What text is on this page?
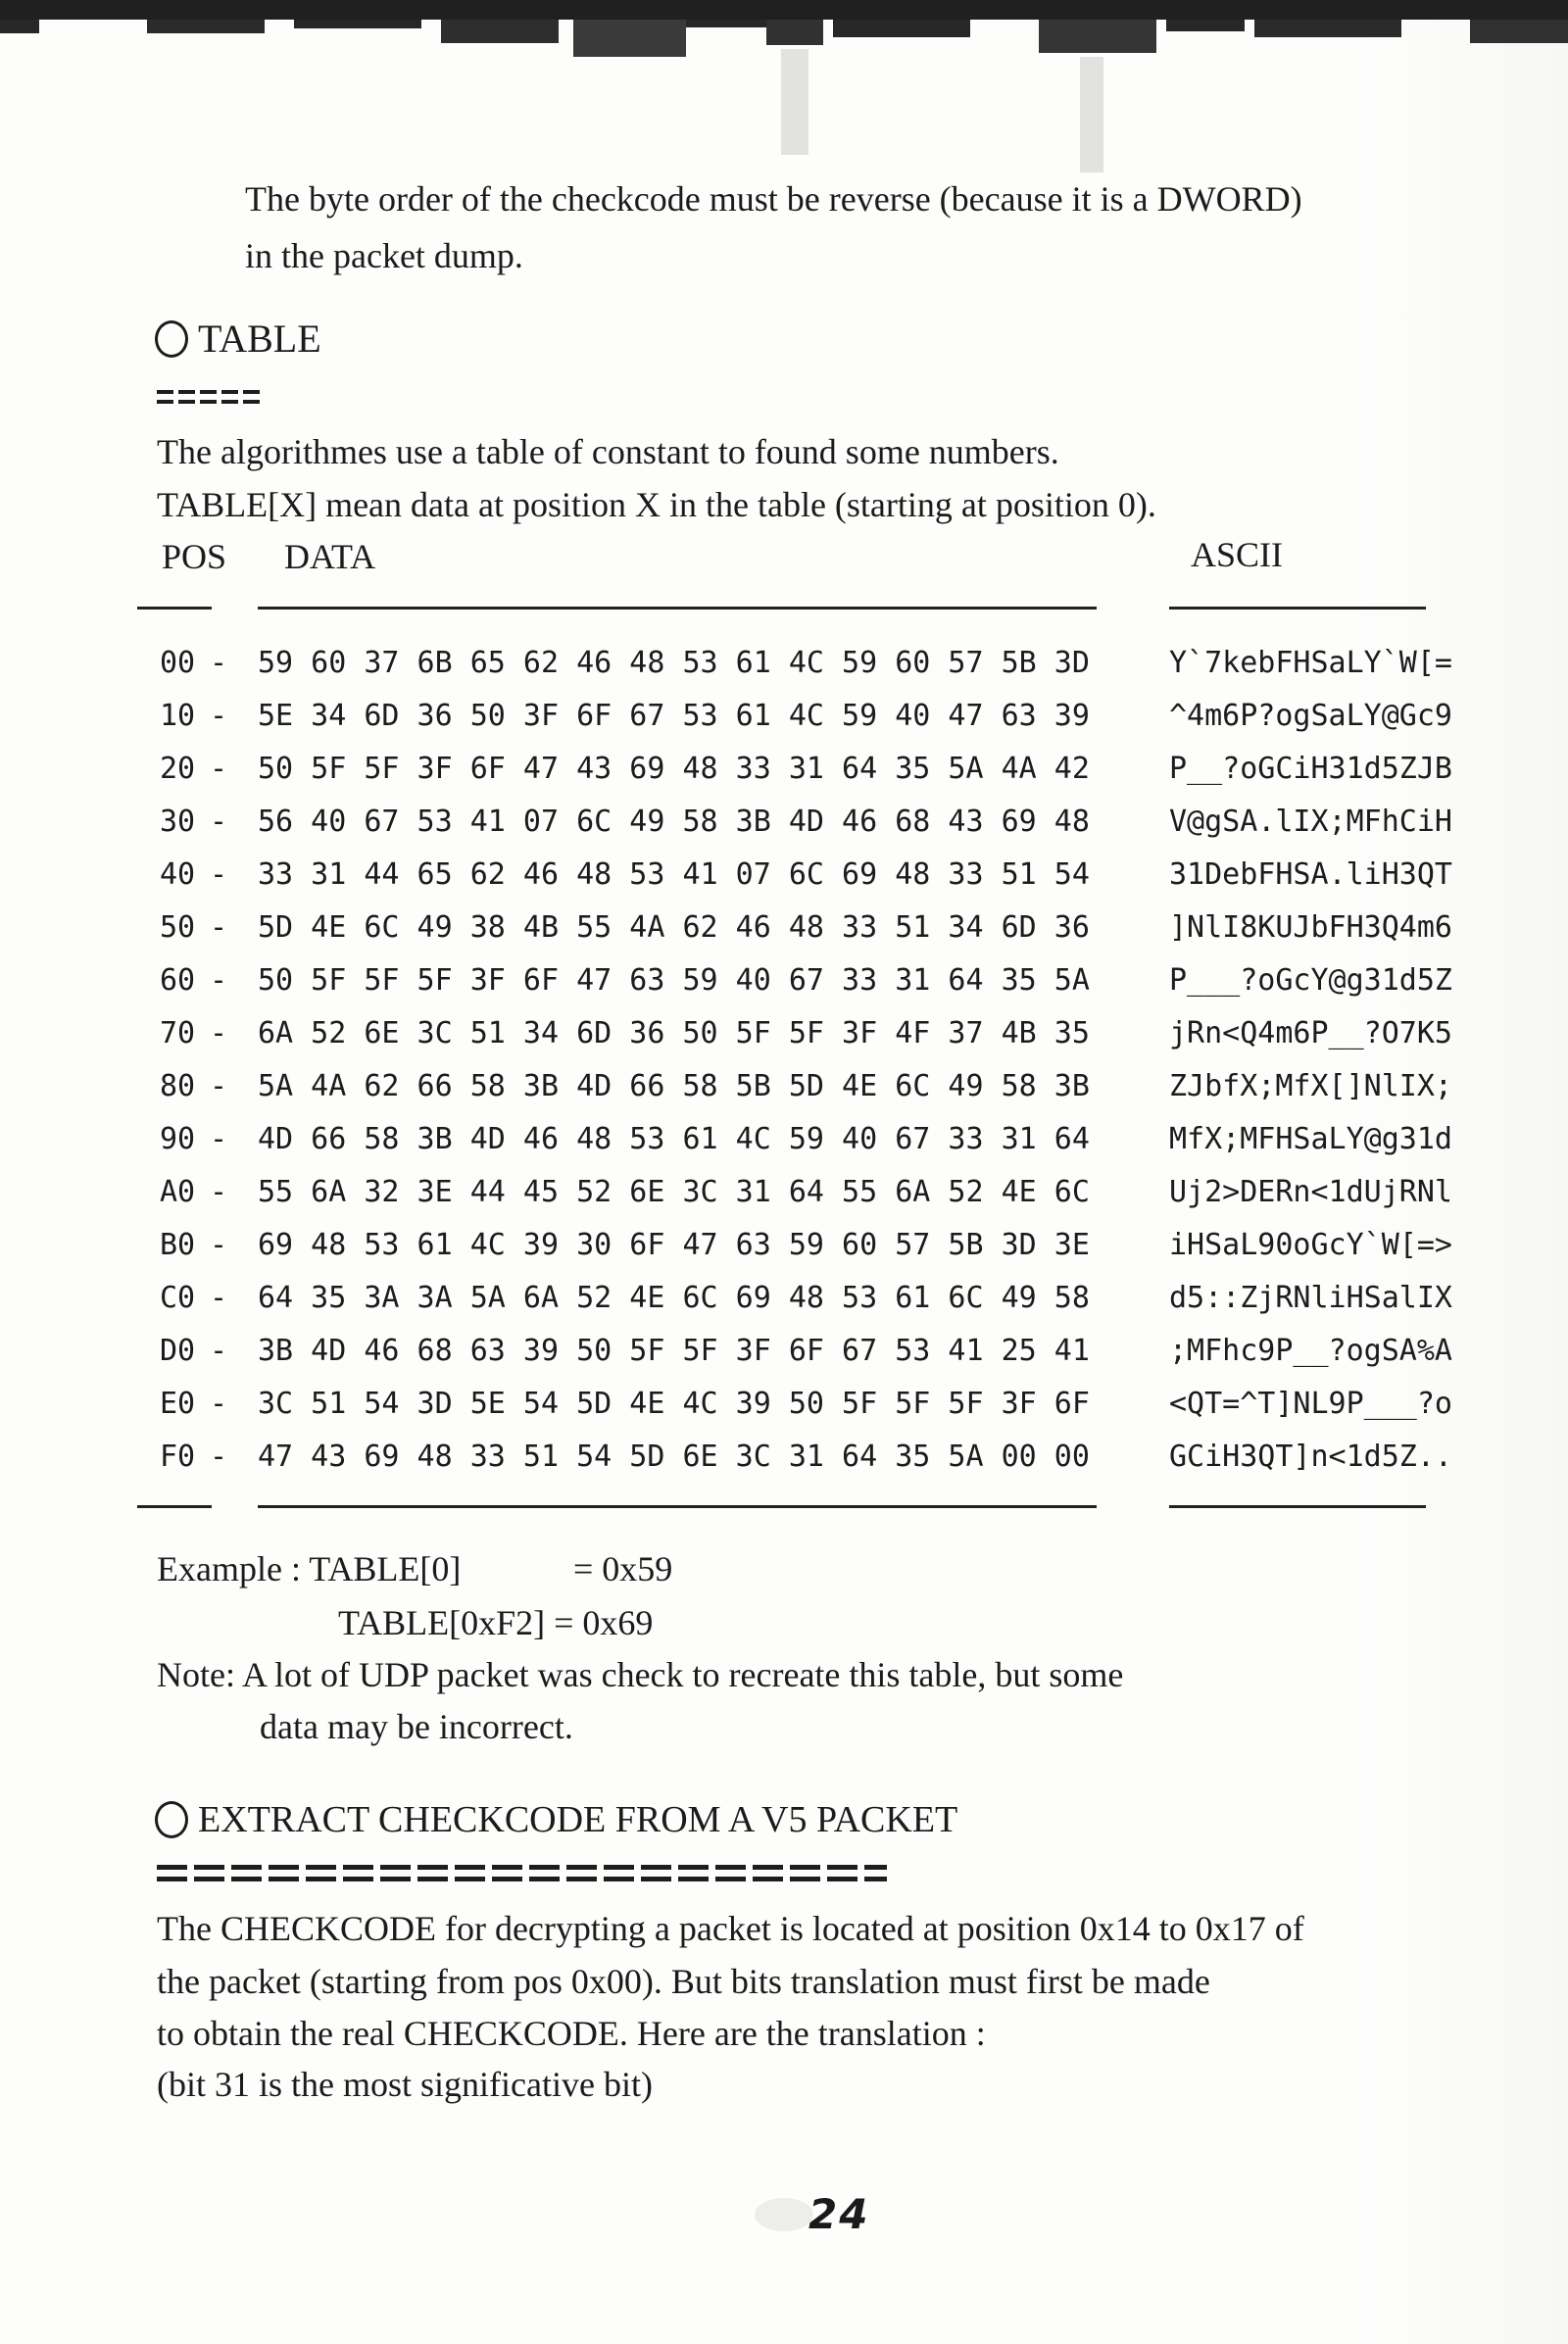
The byte order of the checkcode must be reverse (because it is a DWORD)
in the packet dump.
TABLE
The algorithmes use a table of constant to found some numbers.
TABLE[X] mean data at position X in the table (starting at position 0).
POS DATA	ASCII
00 - 59 60 37 6B 65 62 46 48 53 61 4C 59 60 57 5B 3D	Y`7kebFHSaLY`W[=
10 - 5E 34 6D 36 50 3F 6F 67 53 61 4C 59 40 47 63 39	^4m6P?ogSaLY@Gc9
20 - 50 5F 5F 3F 6F 47 43 69 48 33 31 64 35 5A 4A 42	P__?oGCiH31d5ZJB
30 - 56 40 67 53 41 07 6C 49 58 3B 4D 46 68 43 69 48	V@gSA.lIX;MFhCiH
40 - 33 31 44 65 62 46 48 53 41 07 6C 69 48 33 51 54	31DebFHSA.liH3QT
50 - 5D 4E 6C 49 38 4B 55 4A 62 46 48 33 51 34 6D 36	]NlI8KUJbFH3Q4m6
60 - 50 5F 5F 5F 3F 6F 47 63 59 40 67 33 31 64 35 5A	P___?oGcY@g31d5Z
70 - 6A 52 6E 3C 51 34 6D 36 50 5F 5F 3F 4F 37 4B 35	jRn<Q4m6P__?O7K5
80 - 5A 4A 62 66 58 3B 4D 66 58 5B 5D 4E 6C 49 58 3B	ZJbfX;MfX[]NlIX;
90 - 4D 66 58 3B 4D 46 48 53 61 4C 59 40 67 33 31 64	MfX;MFHSaLY@g31d
A0 - 55 6A 32 3E 44 45 52 6E 3C 31 64 55 6A 52 4E 6C	Uj2>DERn<1dUjRNl
B0 - 69 48 53 61 4C 39 30 6F 47 63 59 60 57 5B 3D 3E	iHSaL90oGcY`W[=>
C0 - 64 35 3A 3A 5A 6A 52 4E 6C 69 48 53 61 6C 49 58	d5::ZjRNliHSalIX
D0 - 3B 4D 46 68 63 39 50 5F 5F 3F 6F 67 53 41 25 41	;MFhc9P__?ogSA%A
E0 - 3C 51 54 3D 5E 54 5D 4E 4C 39 50 5F 5F 5F 3F 6F	<QT=^T]NL9P___?o
F0 - 47 43 69 48 33 51 54 5D 6E 3C 31 64 35 5A 00 00	GCiH3QT]n<1d5Z..
Example : TABLE[0]	= 0x59
TABLE[0xF2] = 0x69
Note: A lot of UDP packet was check to recreate this table, but some
data may be incorrect.
EXTRACT CHECKCODE FROM A V5 PACKET
The CHECKCODE for decrypting a packet is located at position 0x14 to 0x17 of
the packet (starting from pos 0x00). But bits translation must first be made
to obtain the real CHECKCODE. Here are the translation :
(bit 31 is the most significative bit)
24
